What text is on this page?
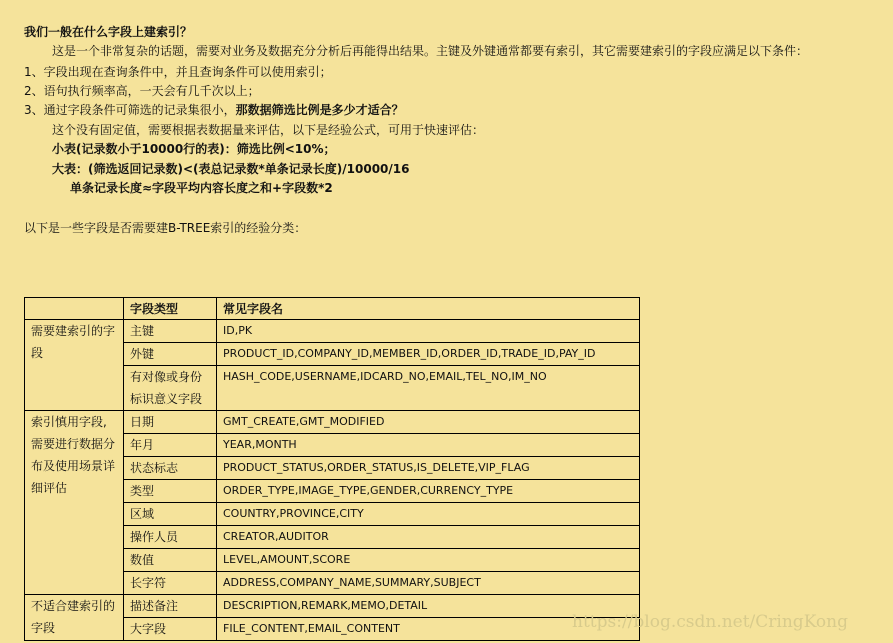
我们一般在什么字段上建索引？
这是一个非常复杂的话题，需要对业务及数据充分分析后再能得出结果。主键及外键通常都要有索引，其它需要建索引的字段应满足以下条件：
1、字段出现在查询条件中，并且查询条件可以使用索引；
2、语句执行频率高，一天会有几千次以上；
3、通过字段条件可筛选的记录集很小，那数据筛选比例是多少才适合？
这个没有固定值，需要根据表数据量来评估，以下是经验公式，可用于快速评估：
小表(记录数小于10000行的表)：筛选比例<10%；
大表：(筛选返回记录数)<(表总记录数*单条记录长度)/10000/16
单条记录长度≈字段平均内容长度之和+字段数*2
以下是一些字段是否需要建B-TREE索引的经验分类：
	字段类型	常见字段名
需要建索引的字段	主键	ID,PK
	外键	PRODUCT_ID,COMPANY_ID,MEMBER_ID,ORDER_ID,TRADE_ID,PAY_ID
	有对像或身份标识意义字段	HASH_CODE,USERNAME,IDCARD_NO,EMAIL,TEL_NO,IM_NO
索引慎用字段,需要进行数据分布及使用场景详细评估	日期	GMT_CREATE,GMT_MODIFIED
	年月	YEAR,MONTH
	状态标志	PRODUCT_STATUS,ORDER_STATUS,IS_DELETE,VIP_FLAG
	类型	ORDER_TYPE,IMAGE_TYPE,GENDER,CURRENCY_TYPE
	区域	COUNTRY,PROVINCE,CITY
	操作人员	CREATOR,AUDITOR
	数值	LEVEL,AMOUNT,SCORE
	长字符	ADDRESS,COMPANY_NAME,SUMMARY,SUBJECT
不适合建索引的字段	描述备注	DESCRIPTION,REMARK,MEMO,DETAIL
	大字段	FILE_CONTENT,EMAIL_CONTENT	https://blog.csdn.net/CringKong
